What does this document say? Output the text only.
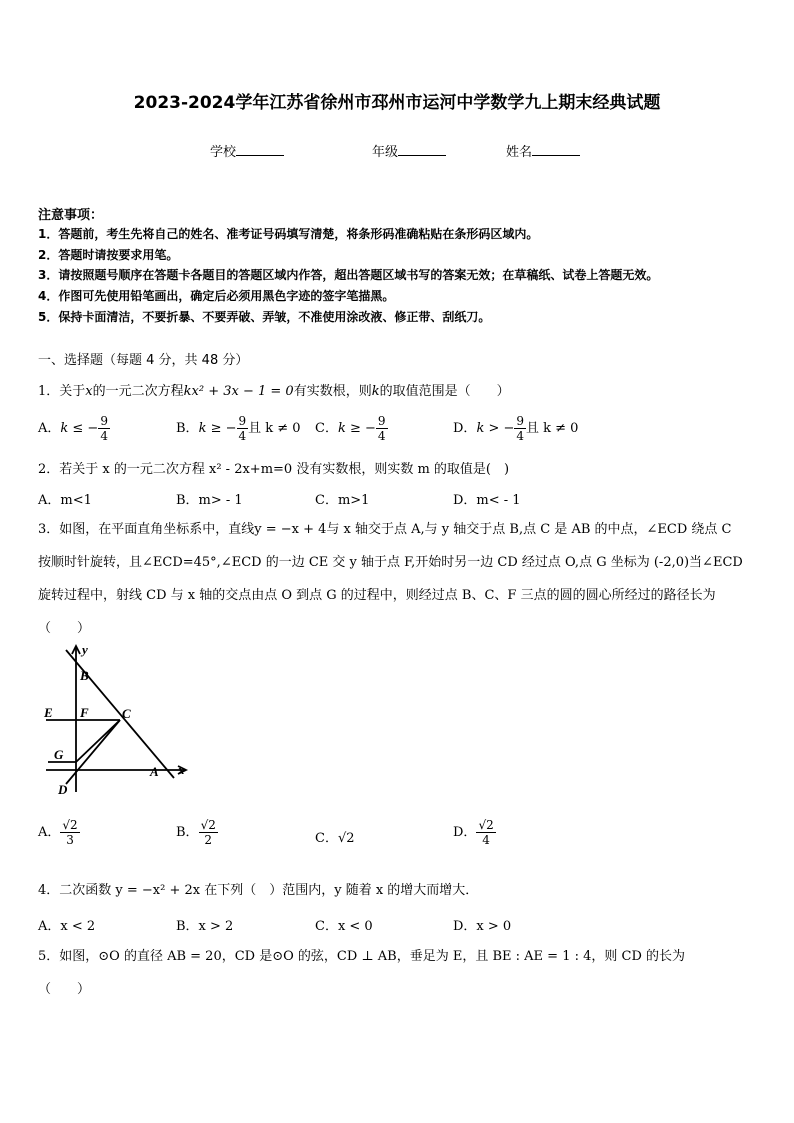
2023-2024学年江苏省徐州市邳州市运河中学数学九上期末经典试题
学校	年级	姓名
注意事项：
1．答题前，考生先将自己的姓名、准考证号码填写清楚，将条形码准确粘贴在条形码区域内。
2．答题时请按要求用笔。
3．请按照题号顺序在答题卡各题目的答题区域内作答，超出答题区域书写的答案无效；在草稿纸、试卷上答题无效。
4．作图可先使用铅笔画出，确定后必须用黑色字迹的签字笔描黑。
5．保持卡面清洁，不要折暴、不要弄破、弄皱，不准使用涂改液、修正带、刮纸刀。
一、选择题（每题 4 分，共 48 分）
1．关于x的一元二次方程kx² + 3x − 1 = 0有实数根，则k的取值范围是（　　）
A．k ≤ − $\frac{9}{4}$	B．k ≥ − $\frac{9}{4}$ 且 k ≠ 0 C．k ≥ − $\frac{9}{4}$	D．k > − $\frac{9}{4}$ 且 k ≠ 0
2．若关于 x 的一元二次方程 x² - 2x+m=0 没有实数根，则实数 m 的取值是(　)
A．m<1	B．m> - 1	C．m>1	D．m< - 1
3．如图，在平面直角坐标系中，直线y = −x + 4与 x 轴交于点 A,与 y 轴交于点 B,点 C 是 AB 的中点，∠ECD 绕点 C
按顺时针旋转，且∠ECD=45°,∠ECD 的一边 CE 交 y 轴于点 F,开始时另一边 CD 经过点 O,点 G 坐标为 (-2,0)当∠ECD
旋转过程中，射线 CD 与 x 轴的交点由点 O 到点 G 的过程中，则经过点 B、C、F 三点的圆的圆心所经过的路径长为
（　　）
y
B
E F	C
G
A x
D
A． $\frac{√2}{3}$	B． $\frac{√2}{2}$	C．√2	D． $\frac{√2}{4}$
4．二次函数 y = −x² + 2x 在下列（　）范围内，y 随着 x 的增大而增大．
A．x < 2	B．x > 2	C．x < 0	D．x > 0
5．如图，⊙O 的直径 AB = 20，CD 是⊙O 的弦，CD ⊥ AB，垂足为 E，且 BE : AE = 1 : 4，则 CD 的长为
（　　）
